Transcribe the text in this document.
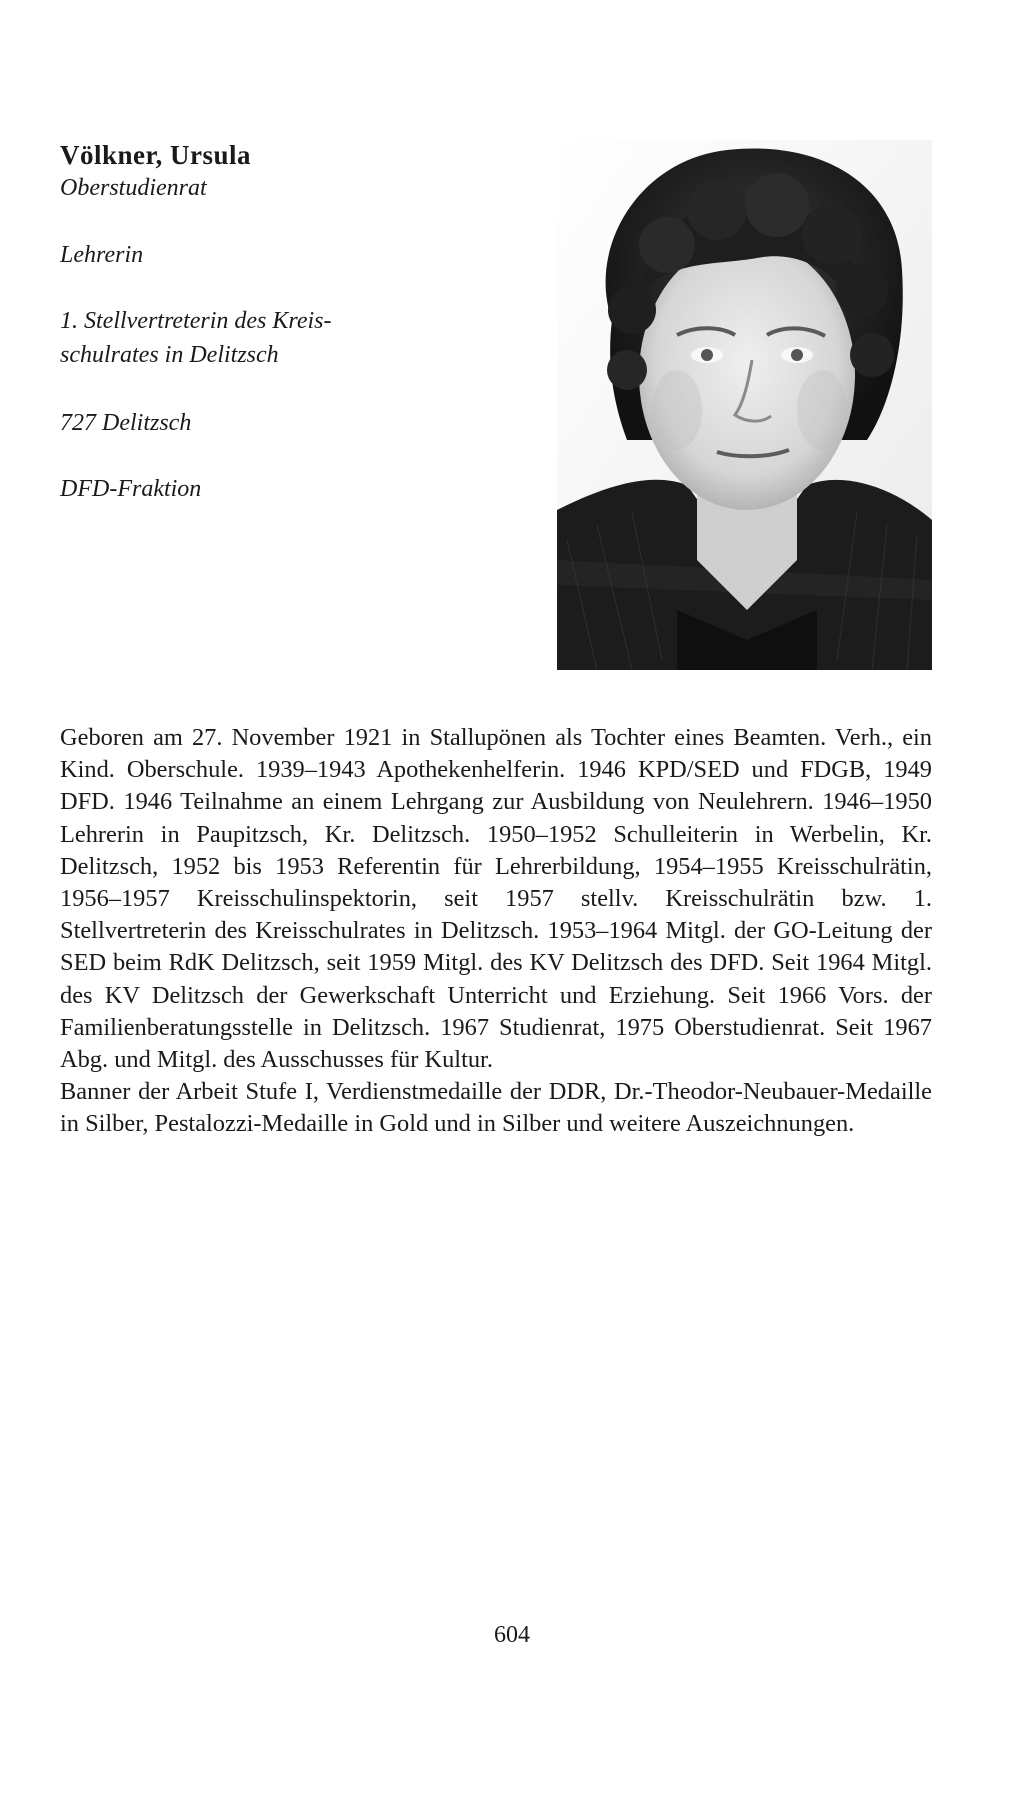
Völkner, Ursula

Oberstudienrat

Lehrerin

1. Stellvertreterin des Kreis-

schulrates in Delitzsch

727 Delitzsch

DFD-Fraktion

Geboren am 27. November 1921 in Stallupönen als Tochter eines Beamten. Verh., ein Kind. Oberschule. 1939–1943 Apothekenhelferin. 1946 KPD/SED und FDGB, 1949 DFD. 1946 Teilnahme an einem Lehrgang zur Ausbildung von Neulehrern. 1946–1950 Lehrerin in Paupitzsch, Kr. Delitzsch. 1950–1952 Schulleiterin in Werbelin, Kr. Delitzsch, 1952 bis 1953 Referentin für Lehrerbildung, 1954–1955 Kreisschulrätin, 1956–1957 Kreisschulinspektorin, seit 1957 stellv. Kreisschulrätin bzw. 1. Stellvertreterin des Kreisschulrates in Delitzsch. 1953–1964 Mitgl. der GO-Leitung der SED beim RdK Delitzsch, seit 1959 Mitgl. des KV Delitzsch des DFD. Seit 1964 Mitgl. des KV Delitzsch der Gewerkschaft Unterricht und Erziehung. Seit 1966 Vors. der Familienberatungsstelle in Delitzsch. 1967 Studienrat, 1975 Oberstudienrat. Seit 1967 Abg. und Mitgl. des Ausschusses für Kultur.

Banner der Arbeit Stufe I, Verdienstmedaille der DDR, Dr.-Theodor-Neubauer-Medaille in Silber, Pestalozzi-Medaille in Gold und in Silber und weitere Auszeichnungen.

604
